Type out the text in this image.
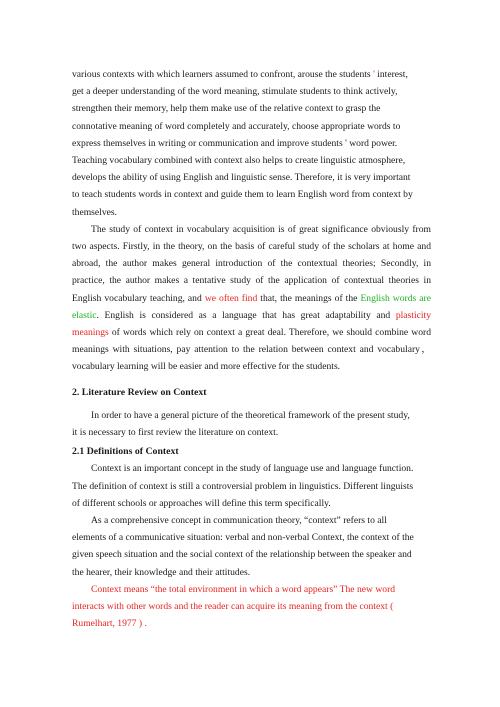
various contexts with which learners assumed to confront, arouse the students ' interest,

get a deeper understanding of the word meaning, stimulate students to think actively,

strengthen their memory, help them make use of the relative context to grasp the

connotative meaning of word completely and accurately, choose appropriate words to

express themselves in writing or communication and improve students ' word power.

Teaching vocabulary combined with context also helps to create linguistic atmosphere,

develops the ability of using English and linguistic sense. Therefore, it is very important

to teach students words in context and guide them to learn English word from context by

themselves.

The study of context in vocabulary acquisition is of great significance obviously from two aspects. Firstly, in the theory, on the basis of careful study of the scholars at home and abroad, the author makes general introduction of the contextual theories; Secondly, in practice, the author makes a tentative study of the application of contextual theories in English vocabulary teaching, and we often find that, the meanings of the English words are elastic. English is considered as a language that has great adaptability and plasticity meanings of words which rely on context a great deal. Therefore, we should combine word meanings with situations, pay attention to the relation between context and vocabulary，vocabulary learning will be easier and more effective for the students.

2. Literature Review on Context

In order to have a general picture of the theoretical framework of the present study,

it is necessary to first review the literature on context.

2.1 Definitions of Context

Context is an important concept in the study of language use and language function.

The definition of context is still a controversial problem in linguistics. Different linguists

of different schools or approaches will define this term specifically.

As a comprehensive concept in communication theory, “context” refers to all

elements of a communicative situation: verbal and non-verbal Context, the context of the

given speech situation and the social context of the relationship between the speaker and

the hearer, their knowledge and their attitudes.

Context means “the total environment in which a word appears” The new word

interacts with other words and the reader can acquire its meaning from the context (

Rumelhart, 1977 ) .
